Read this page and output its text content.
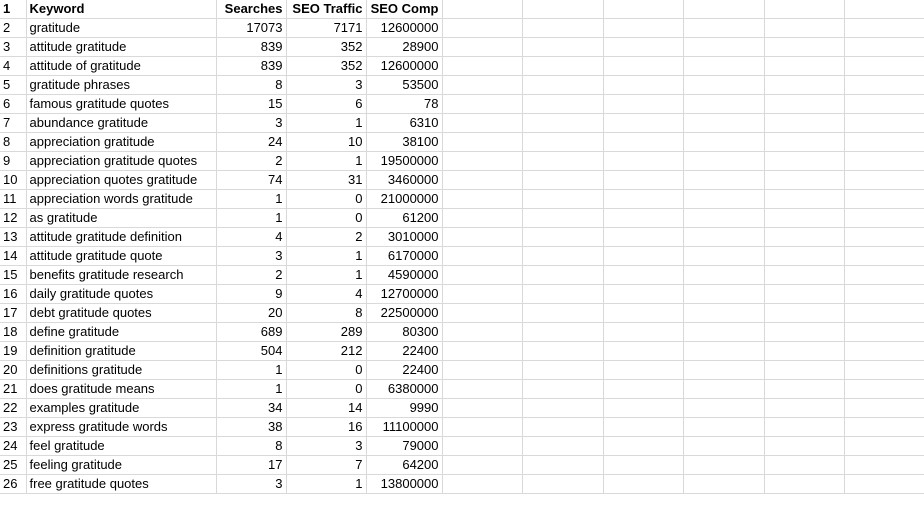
1	Keyword	Searches	SEO Traffic	SEO Comp						
2	gratitude	17073	7171	12600000						
3	attitude gratitude	839	352	28900						
4	attitude of gratitude	839	352	12600000						
5	gratitude phrases	8	3	53500						
6	famous gratitude quotes	15	6	78						
7	abundance gratitude	3	1	6310						
8	appreciation gratitude	24	10	38100						
9	appreciation gratitude quotes	2	1	19500000						
10	appreciation quotes gratitude	74	31	3460000						
11	appreciation words gratitude	1	0	21000000						
12	as gratitude	1	0	61200						
13	attitude gratitude definition	4	2	3010000						
14	attitude gratitude quote	3	1	6170000						
15	benefits gratitude research	2	1	4590000						
16	daily gratitude quotes	9	4	12700000						
17	debt gratitude quotes	20	8	22500000						
18	define gratitude	689	289	80300						
19	definition gratitude	504	212	22400						
20	definitions gratitude	1	0	22400						
21	does gratitude means	1	0	6380000						
22	examples gratitude	34	14	9990						
23	express gratitude words	38	16	11100000						
24	feel gratitude	8	3	79000						
25	feeling gratitude	17	7	64200						
26	free gratitude quotes	3	1	13800000						
